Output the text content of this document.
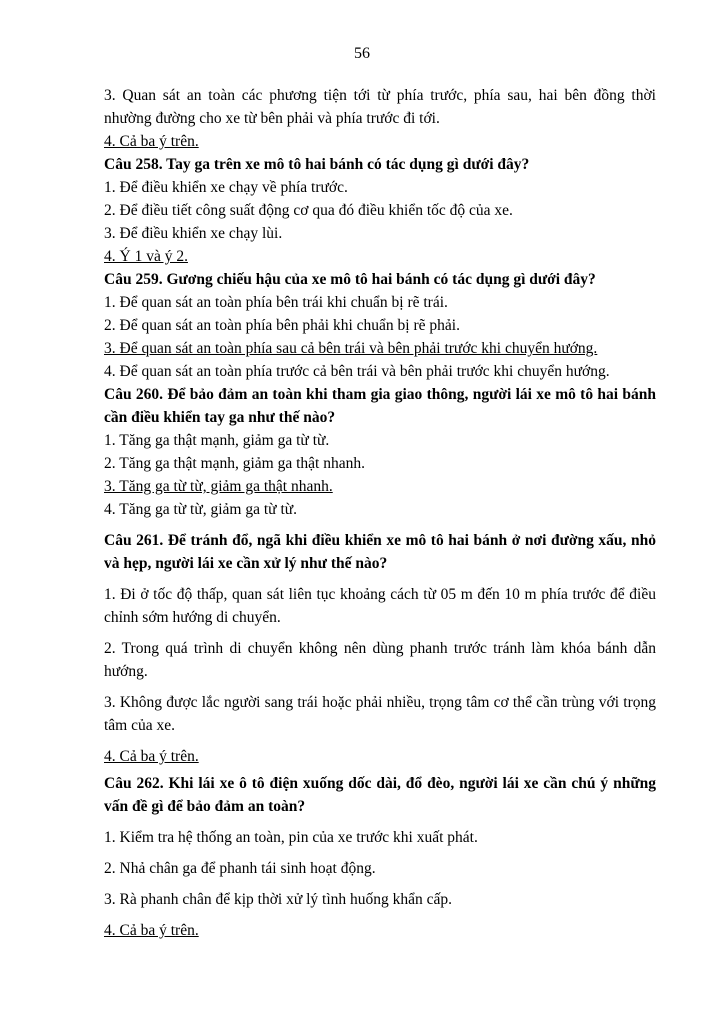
56

3. Quan sát an toàn các phương tiện tới từ phía trước, phía sau, hai bên đồng thời nhường đường cho xe từ bên phải và phía trước đi tới.

4. Cả ba ý trên.

Câu 258. Tay ga trên xe mô tô hai bánh có tác dụng gì dưới đây?

1. Để điều khiển xe chạy về phía trước.

2. Để điều tiết công suất động cơ qua đó điều khiển tốc độ của xe.

3. Để điều khiển xe chạy lùi.

4. Ý 1 và ý 2.

Câu 259. Gương chiếu hậu của xe mô tô hai bánh có tác dụng gì dưới đây?

1. Để quan sát an toàn phía bên trái khi chuẩn bị rẽ trái.

2. Để quan sát an toàn phía bên phải khi chuẩn bị rẽ phải.

3. Để quan sát an toàn phía sau cả bên trái và bên phải trước khi chuyển hướng.

4. Để quan sát an toàn phía trước cả bên trái và bên phải trước khi chuyển hướng.

Câu 260. Để bảo đảm an toàn khi tham gia giao thông, người lái xe mô tô hai bánh cần điều khiển tay ga như thế nào?

1. Tăng ga thật mạnh, giảm ga từ từ.

2. Tăng ga thật mạnh, giảm ga thật nhanh.

3. Tăng ga từ từ, giảm ga thật nhanh.

4. Tăng ga từ từ, giảm ga từ từ.

Câu 261. Để tránh đổ, ngã khi điều khiển xe mô tô hai bánh ở nơi đường xấu, nhỏ và hẹp, người lái xe cần xử lý như thế nào?

1. Đi ở tốc độ thấp, quan sát liên tục khoảng cách từ 05 m đến 10 m phía trước để điều chỉnh sớm hướng di chuyển.

2. Trong quá trình di chuyển không nên dùng phanh trước tránh làm khóa bánh dẫn hướng.

3. Không được lắc người sang trái hoặc phải nhiều, trọng tâm cơ thể cần trùng với trọng tâm của xe.

4. Cả ba ý trên.

Câu 262. Khi lái xe ô tô điện xuống dốc dài, đổ đèo, người lái xe cần chú ý những vấn đề gì để bảo đảm an toàn?

1. Kiểm tra hệ thống an toàn, pin của xe trước khi xuất phát.

2. Nhả chân ga để phanh tái sinh hoạt động.

3. Rà phanh chân để kịp thời xử lý tình huống khẩn cấp.

4. Cả ba ý trên.
